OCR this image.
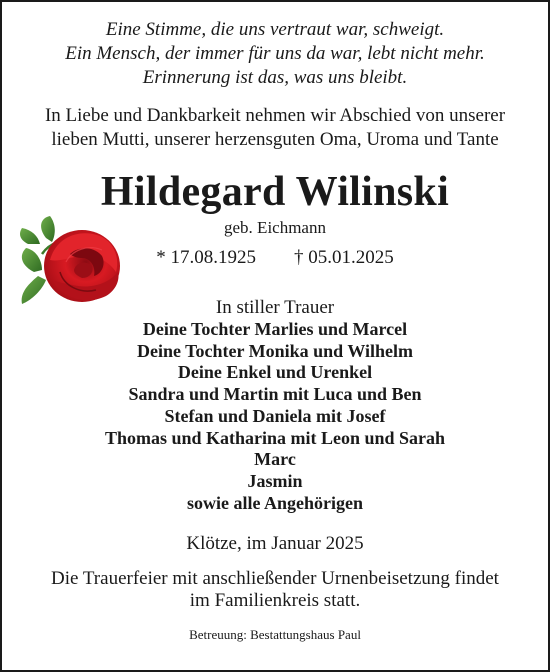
Eine Stimme, die uns vertraut war, schweigt.
Ein Mensch, der immer für uns da war, lebt nicht mehr.
Erinnerung ist das, was uns bleibt.
In Liebe und Dankbarkeit nehmen wir Abschied von unserer
lieben Mutti, unserer herzensguten Oma, Uroma und Tante
Hildegard Wilinski
geb. Eichmann
* 17.08.1925 † 05.01.2025
In stiller Trauer
Deine Tochter Marlies und Marcel
Deine Tochter Monika und Wilhelm
Deine Enkel und Urenkel
Sandra und Martin mit Luca und Ben
Stefan und Daniela mit Josef
Thomas und Katharina mit Leon und Sarah
Marc
Jasmin
sowie alle Angehörigen
Klötze, im Januar 2025
Die Trauerfeier mit anschließender Urnenbeisetzung findet
im Familienkreis statt.
Betreuung: Bestattungshaus Paul
